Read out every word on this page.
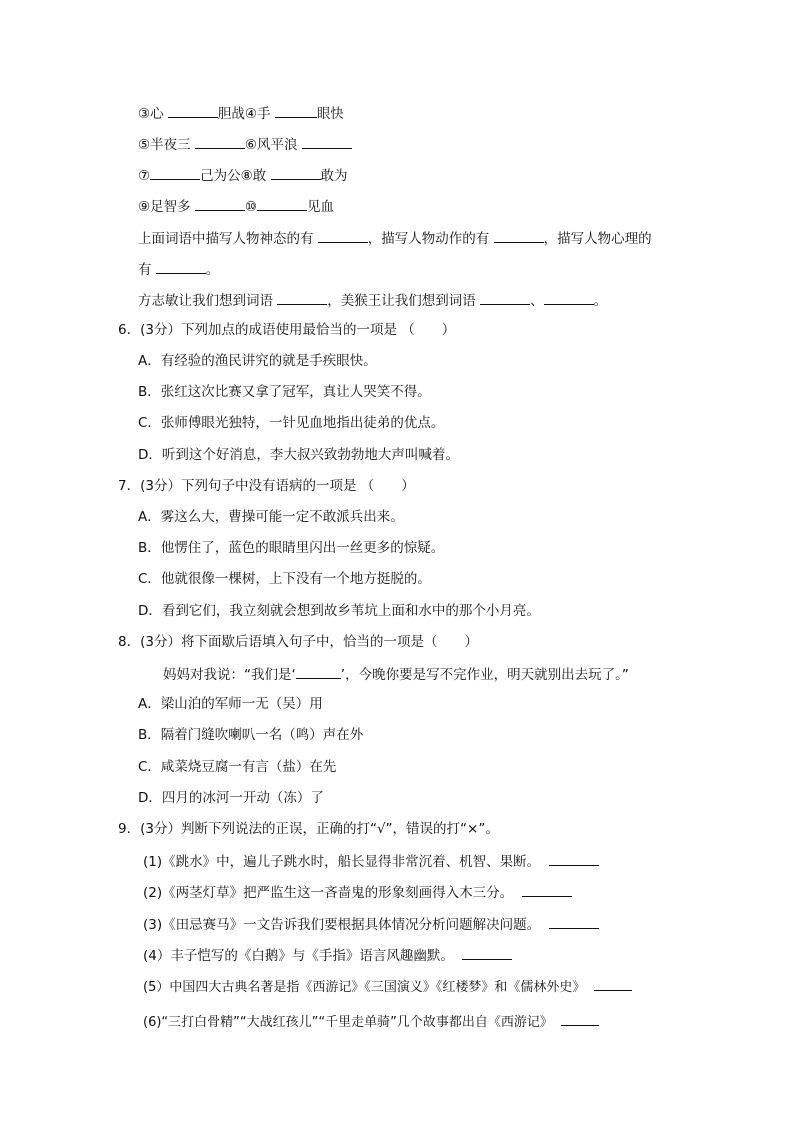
③心	胆战④手	眼快
⑤半夜三	⑥风平浪
⑦	己为公⑧敢	敢为
⑨足智多	⑩	见血
上面词语中描写人物神态的有	，描写人物动作的有	，描写人物心理的
有	。
方志敏让我们想到词语	，美猴王让我们想到词语	、	。
6．(3分）下列加点的成语使用最恰当的一项是 （　　）
A．有经验的渔民讲究的就是手疾眼快。
B．张红这次比赛又拿了冠军，真让人哭笑不得。
C．张师傅眼光独特，一针见血地指出徒弟的优点。
D．听到这个好消息，李大叔兴致勃勃地大声叫喊着。
7．(3分）下列句子中没有语病的一项是 （　　）
A．雾这么大，曹操可能一定不敢派兵出来。
B．他愣住了，蓝色的眼睛里闪出一丝更多的惊疑。
C．他就很像一棵树，上下没有一个地方挺脱的。
D．看到它们，我立刻就会想到故乡苇坑上面和水中的那个小月亮。
8．(3分）将下面歇后语填入句子中，恰当的一项是（　　）
妈妈对我说：“我们是‘	’，今晚你要是写不完作业，明天就别出去玩了。”
A．梁山泊的军师一无（吴）用
B．隔着门缝吹喇叭一名（鸣）声在外
C．咸菜烧豆腐一有言（盐）在先
D．四月的冰河一开动（冻）了
9．(3分）判断下列说法的正误，正确的打“√”，错误的打“×”。
(1)《跳水》中，遍儿子跳水时，船长显得非常沉着、机智、果断。
(2)《两茎灯草》把严监生这一吝啬鬼的形象刻画得入木三分。
(3)《田忌赛马》一文告诉我们要根据具体情况分析问题解决问题。
(4）丰子恺写的《白鹅》与《手指》语言风趣幽默。
(5）中国四大古典名著是指《西游记》《三国演义》《红楼梦》和《儒林外史》
(6)“三打白骨精”“大战红孩儿”“千里走单骑”几个故事都出自《西游记》
